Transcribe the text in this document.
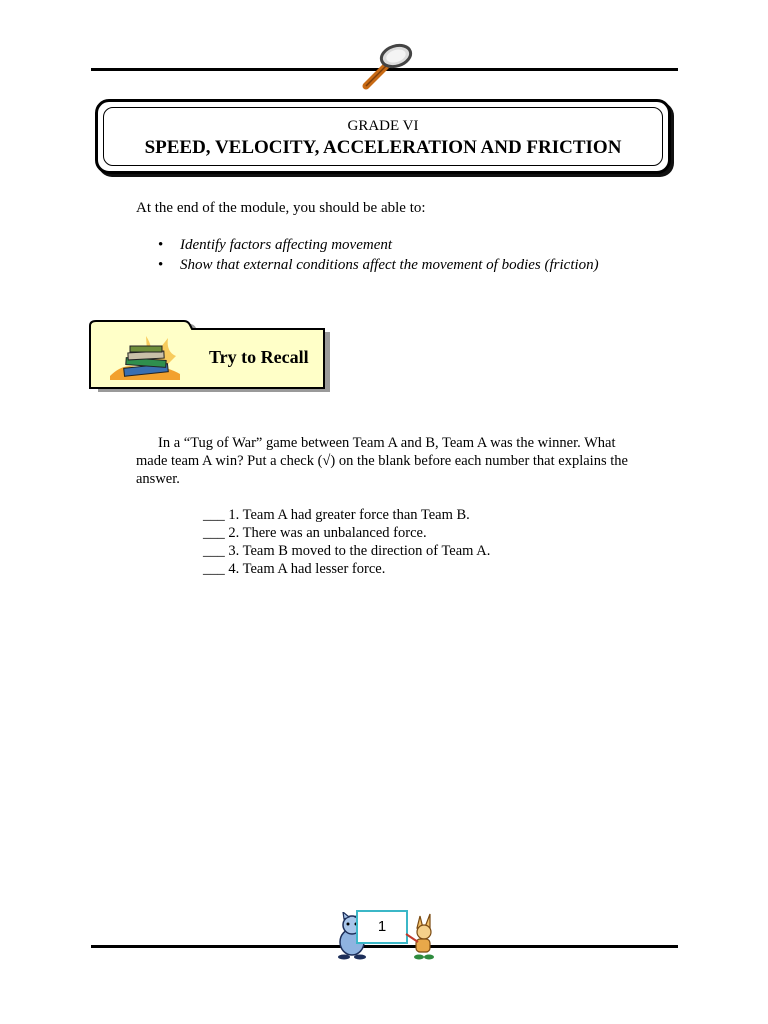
GRADE VI
SPEED, VELOCITY, ACCELERATION AND FRICTION
At the end of the module, you should be able to:
• Identify factors affecting movement
• Show that external conditions affect the movement of bodies (friction)
Try to Recall

In a “Tug of War” game between Team A and B, Team A was the winner. What

made team A win? Put a check (√) on the blank before each number that explains the

answer.

___ 1. Team A had greater force than Team B.
___ 2. There was an unbalanced force.
___ 3. Team B moved to the direction of Team A.
___ 4. Team A had lesser force.
1
